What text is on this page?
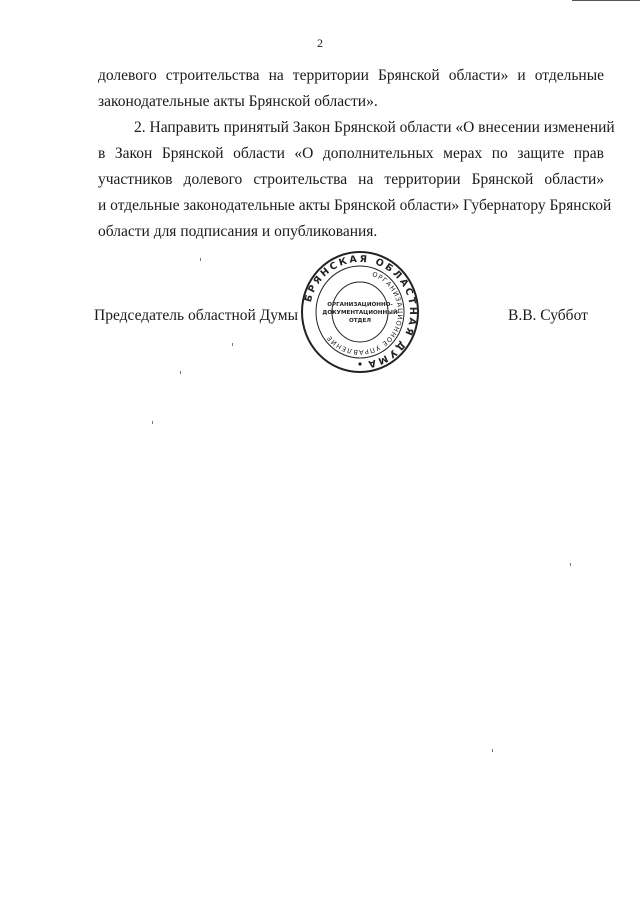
2
долевого строительства на территории Брянской области» и отдельные
законодательные акты Брянской области».
2. Направить принятый Закон Брянской области «О внесении изменений
в Закон Брянской области «О дополнительных мерах по защите прав
участников долевого строительства на территории Брянской области»
и отдельные законодательные акты Брянской области» Губернатору Брянской
области для подписания и опубликования.
Председатель областной Думы
БРЯНСКАЯ ОБЛАСТНАЯ ДУМА
ОРГАНИЗАЦИОННОЕ УПРАВЛЕНИЕ
ОРГАНИЗАЦИОННО-
ДОКУМЕНТАЦИОННЫЙ
ОТДЕЛ	В.В. Суббот
